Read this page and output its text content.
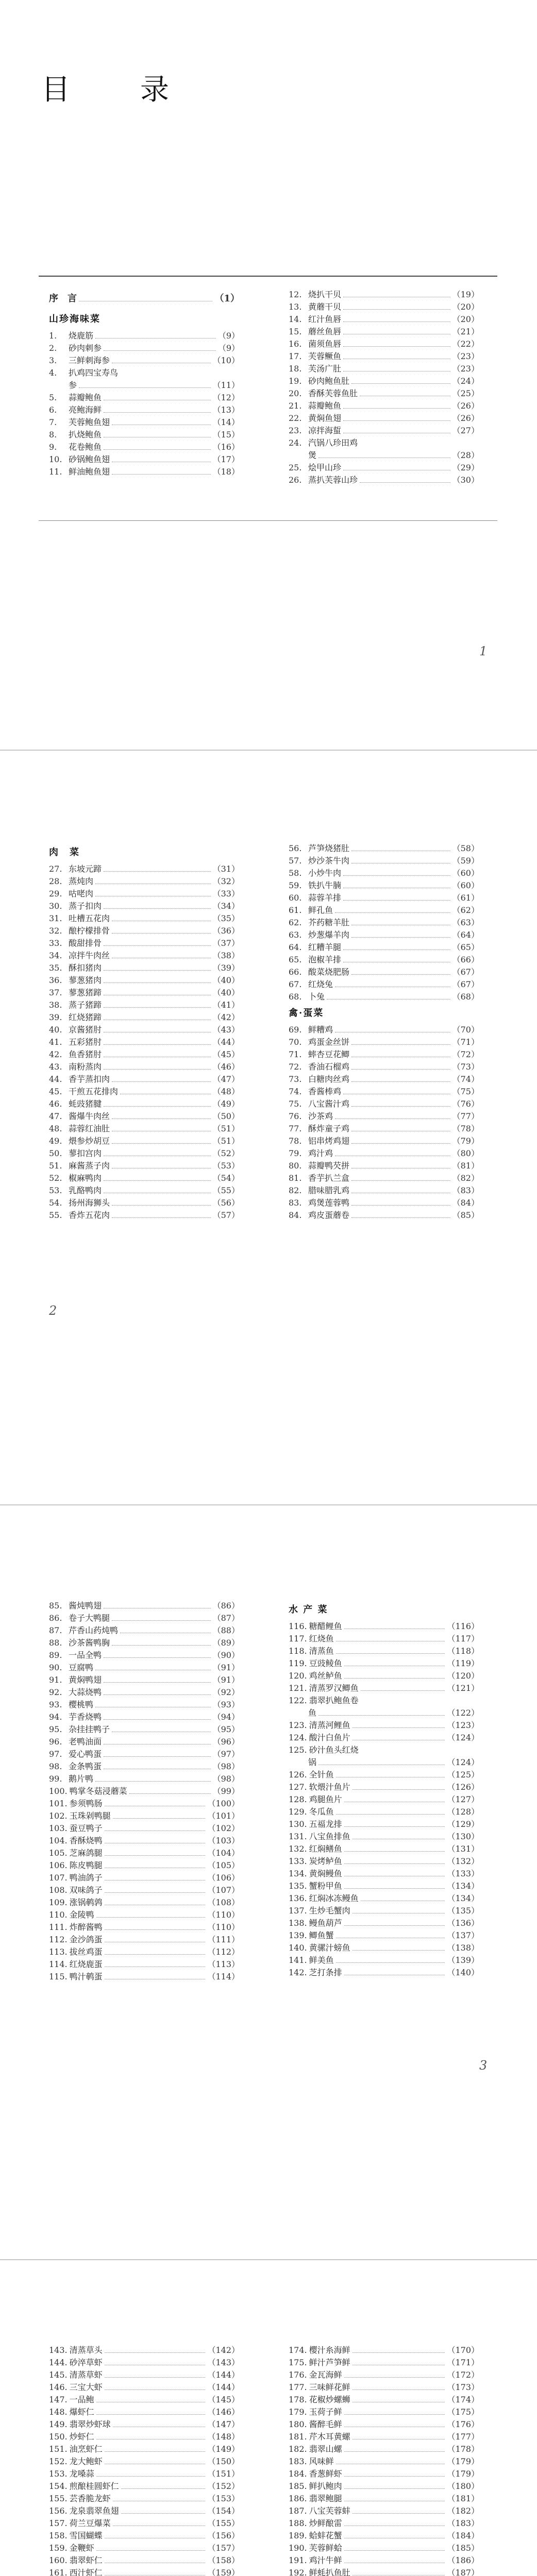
目　录
序　言	（1）
山珍海味菜
1.	烧鹿筋	（9）
2.	砂肉刺参	（9）
3.	三鲜刺海参	（10）
4.	扒鸡四宝寿鸟
参	（11）
5.	蒜瓣鲍鱼	（12）
6.	亮鲍海鲜	（13）
7.	芙蓉鲍鱼翅	（14）
8.	扒烧鲍鱼	（15）
9.	花卷鲍鱼	（16）
10. 砂锅鲍鱼翅	（17）
11. 鲜油鲍鱼翅	（18）
12. 烧扒干贝	（19）
13. 黄蘑干贝	（20）
14. 红汁鱼唇	（20）
15. 蘑丝鱼唇	（21）
16. 菌须鱼唇	（22）
17. 芙蓉鳜鱼	（23）
18. 芙汤广肚	（23）
19. 砂肉鲍鱼肚	（24）
20. 香酥芙蓉鱼肚	（25）
21. 蒜瓣鲍鱼	（26）
22. 黄焖鱼翅	（26）
23. 凉拌海蜇	（27）
24. 汽锅八珍田鸡
煲	（28）
25. 烩甲山珍	（29）
26. 蒸扒芙蓉山珍	（30）
1
肉　菜
27. 东坡元蹄	（31）
28. 蒸炖肉	（32）
29. 咕咾肉	（33）
30. 蒸子扣肉	（34）
31. 吐槽五花肉	（35）
32. 酿柠檬排骨	（36）
33. 酸甜排骨	（37）
34. 凉拌牛肉丝	（38）
35. 酥扣猪肉	（39）
36. 蓼葱猪肉	（40）
37. 蓼葱猪蹄	（40）
38. 蒸子猪蹄	（41）
39. 红烧猪蹄	（42）
40. 京酱猪肘	（43）
41. 五彩猪肘	（44）
42. 鱼香猪肘	（45）
43. 南粉蒸肉	（46）
44. 香芋蒸扣肉	（47）
45. 干煎五花排肉	（48）
46. 蚝豉猪腱	（49）
47. 酱爆牛肉丝	（50）
48. 蒜蓉红油肚	（51）
49. 煨参炒胡豆	（51）
50. 蓼扣宫肉	（52）
51. 麻酱蒸子肉	（53）
52. 椒麻鸭肉	（54）
53. 乳酪鸭肉	（55）
54. 扬州海狮头	（56）
55. 香炸五花肉	（57）
56. 芦笋烧猪肚	（58）
57. 炒沙茶牛肉	（59）
58. 小炒牛肉	（60）
59. 铁扒牛腩	（60）
60. 蒜蓉羊排	（61）
61. 鲜孔鱼	（62）
62. 芥药糖羊肚	（63）
63. 炒葱爆羊肉	（64）
64. 红糟羊腿	（65）
65. 泡椒羊排	（66）
66. 酸菜烧肥肠	（67）
67. 红烧兔	（67）
68. 卜兔	（68）
禽·蛋菜
69. 鲜糟鸡	（70）
70. 鸡蛋金丝饼	（71）
71. 蟀杏豆花鲫	（72）
72. 香油石榴鸡	（73）
73. 白糖肉丝鸡	（74）
74. 香酱棒鸡	（75）
75. 八宝酱汁鸡	（76）
76. 沙茶鸡	（77）
77. 酥炸童子鸡	（78）
78. 铝串烤鸡翅	（79）
79. 鸡汁鸡	（80）
80. 蒜瓣鸭芡拼	（81）
81. 香芋扒兰盒	（82）
82. 腊味腊乳鸡	（83）
83. 鸡煲莲蓉鸭	（84）
84. 鸡皮蛋蘑卷	（85）
2
85. 酱炖鸭翅	（86）
86. 卷子大鸭腿	（87）
87. 芹香山药炖鸭	（88）
88. 沙茶酱鸭胸	（89）
89. 一品全鸭	（90）
90. 豆腐鸭	（91）
91. 黄焖鸭翅	（91）
92. 大蒜烧鸭	（92）
93. 樱桃鸭	（93）
94. 芋香烧鸭	（94）
95. 杂挂挂鸭子	（95）
96. 老鸭油面	（96）
97. 爱心鸭蛋	（97）
98. 金条鸭蛋	（98）
99. 鹅片鸭	（98）
100. 鸭掌冬菇浸蘑菜	（99）
101. 参须鸭肠	（100）
102. 玉珠剁鸭腿	（101）
103. 蚕豆鸭子	（102）
104. 香酥烧鸭	（103）
105. 芝麻鸽腿	（104）
106. 陈皮鸭腿	（105）
107. 鸭油鸽子	（106）
108. 双味鸽子	（107）
109. 涨锅鹌鹑	（108）
110. 金陵鸭	（110）
111. 炸醉酱鸭	（110）
112. 金沙鸽蛋	（111）
113. 拔丝鸡蛋	（112）
114. 红烧鹿蛋	（113）
115. 鸭汁鹌蛋	（114）
水 产 菜
116. 糖醋鲤鱼	（116）
117. 红烧鱼	（117）
118. 清蒸鱼	（118）
119. 豆豉鲮鱼	（119）
120. 鸡丝鲈鱼	（120）
121. 清蒸罗汉鲫鱼	（121）
122. 翡翠扒鲍鱼卷
鱼	（122）
123. 清蒸河鲤鱼	（123）
124. 酸汁白鱼片	（124）
125. 砂汁鱼头红烧
锅	（124）
126. 全针鱼	（125）
127. 软煨汁鱼片	（126）
128. 鸡腿鱼片	（127）
129. 冬瓜鱼	（128）
130. 五福龙排	（129）
131. 八宝鱼排鱼	（130）
132. 红焖鳝鱼	（131）
133. 炭烤鲈鱼	（132）
134. 黄焖鳗鱼	（133）
135. 蟹粉甲鱼	（134）
136. 红焖冰冻鳗鱼	（134）
137. 生炒毛蟹肉	（135）
138. 鳗鱼葫芦	（136）
139. 鲫鱼蟹	（137）
140. 黄骡汁螃鱼	（138）
141. 鲜美鱼	（139）
142. 芝打条排	（140）
3
143. 清蒸草头	（142）
144. 砂淬草虾	（143）
145. 清蒸草虾	（144）
146. 三宝大虾	（144）
147. 一品鲍	（145）
148. 爆虾仁	（146）
149. 翡翠炒虾球	（147）
150. 炒虾仁	（148）
151. 油烹虾仁	（149）
152. 龙大鲍虾	（150）
153. 龙嗓蒜	（151）
154. 煎酿桂圆虾仁	（152）
155. 芸香脆龙虾	（153）
156. 龙泉翡翠鱼翅	（154）
157. 荷兰豆爆菜	（155）
158. 雪国蝴蝶	（156）
159. 金鞭虾	（157）
160. 翡翠虾仁	（158）
161. 西汁虾仁	（159）
174. 樱汁糸海鲜	（170）
175. 鲜汁芦笋鲜	（171）
176. 金瓦海鲜	（172）
177. 三味鲜花鲜	（173）
178. 花椒炒螺蛳	（174）
179. 玉荷子鲜	（175）
180. 酱醉毛鲜	（176）
181. 芹木耳黄螺	（177）
182. 翡翠山螺	（178）
183. 风味鲜	（179）
184. 香葱鲜虾	（179）
185. 鲜扒鲍肉	（180）
186. 翡翠鲍腿	（181）
187. 八宝芙蓉蚌	（182）
188. 炒鲜酿雷	（183）
189. 蛤蚌花蟹	（184）
190. 芙蓉鲜蛤	（185）
191. 鸡汁牛鲜	（186）
192. 鲜蚝扒鱼肚	（187）
